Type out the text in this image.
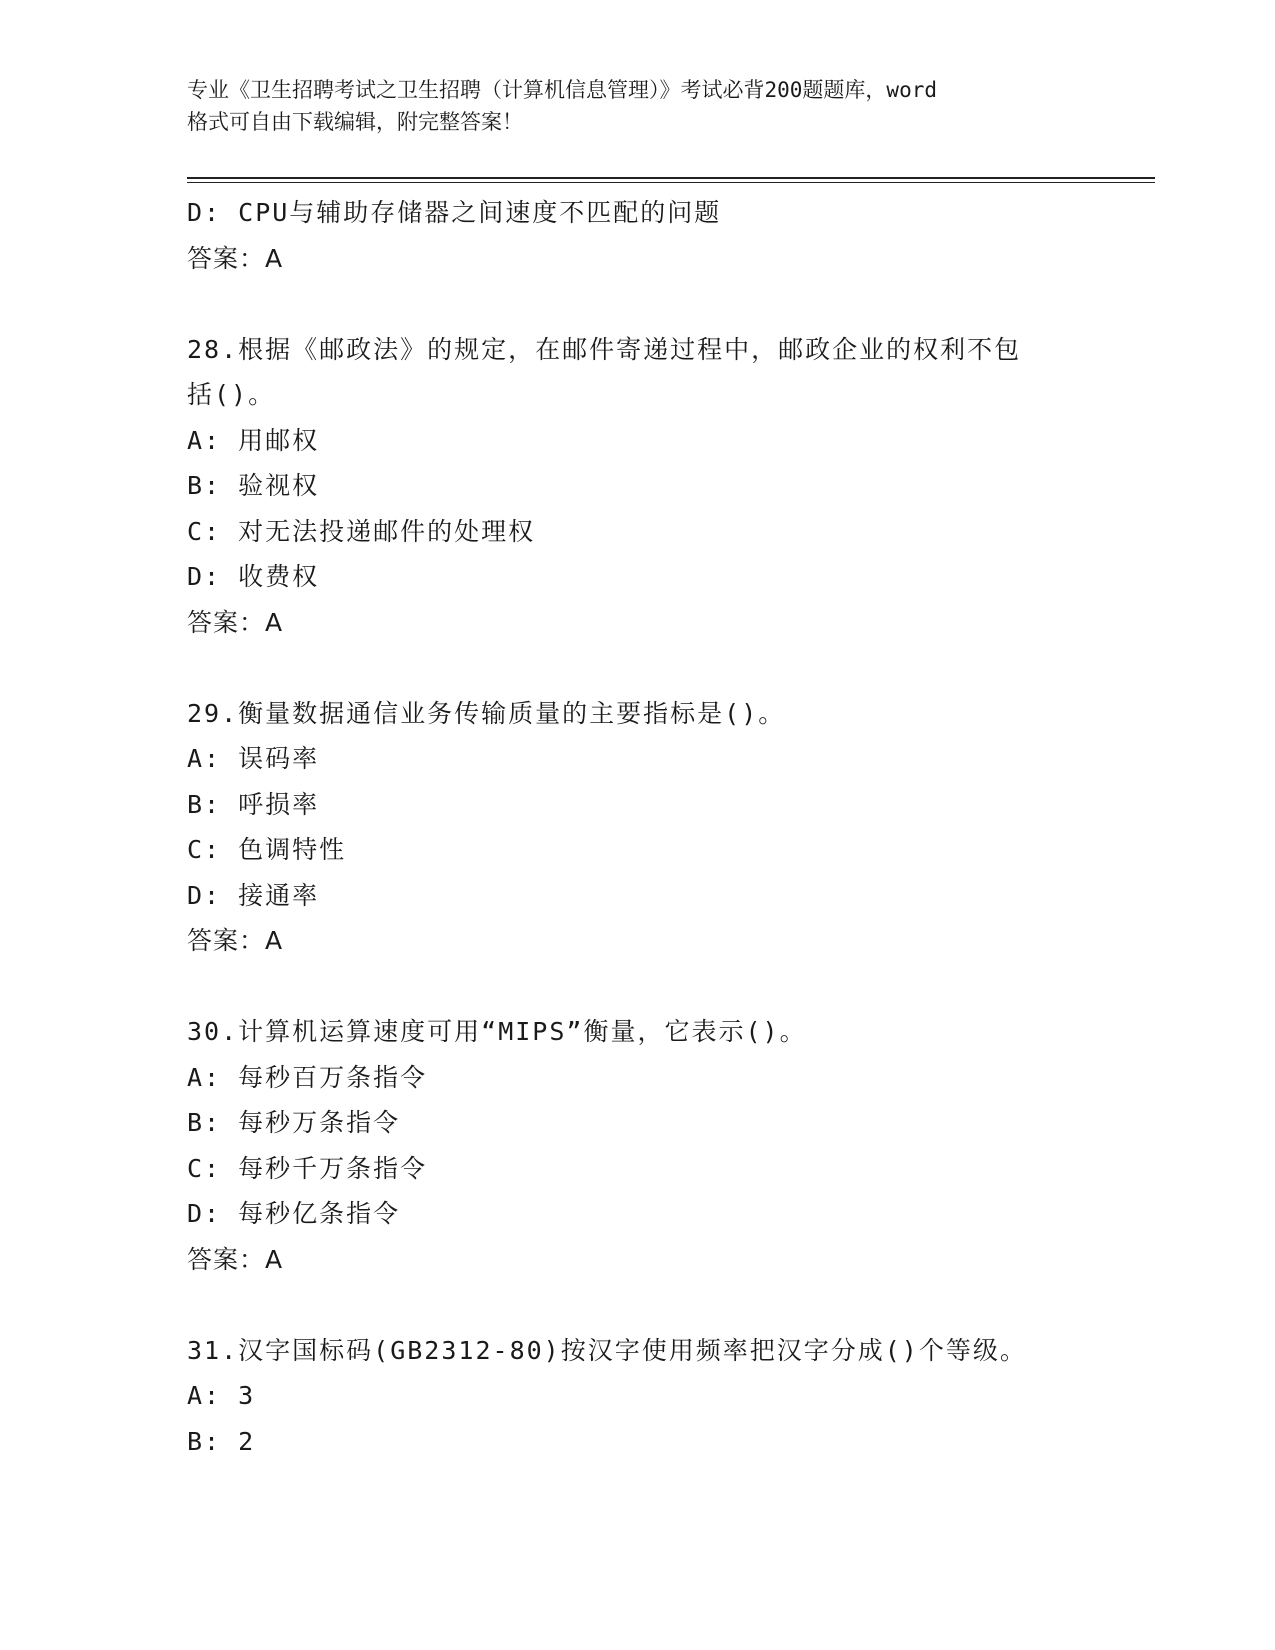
专业《卫生招聘考试之卫生招聘（计算机信息管理）》考试必背200题题库，word
格式可自由下载编辑，附完整答案！
D: CPU与辅助存储器之间速度不匹配的问题
答案：A
28.根据《邮政法》的规定，在邮件寄递过程中，邮政企业的权利不包
括()。
A: 用邮权
B: 验视权
C: 对无法投递邮件的处理权
D: 收费权
答案：A
29.衡量数据通信业务传输质量的主要指标是()。
A: 误码率
B: 呼损率
C: 色调特性
D: 接通率
答案：A
30.计算机运算速度可用“MIPS”衡量，它表示()。
A: 每秒百万条指令
B: 每秒万条指令
C: 每秒千万条指令
D: 每秒亿条指令
答案：A
31.汉字国标码(GB2312-80)按汉字使用频率把汉字分成()个等级。
A: 3
B: 2
